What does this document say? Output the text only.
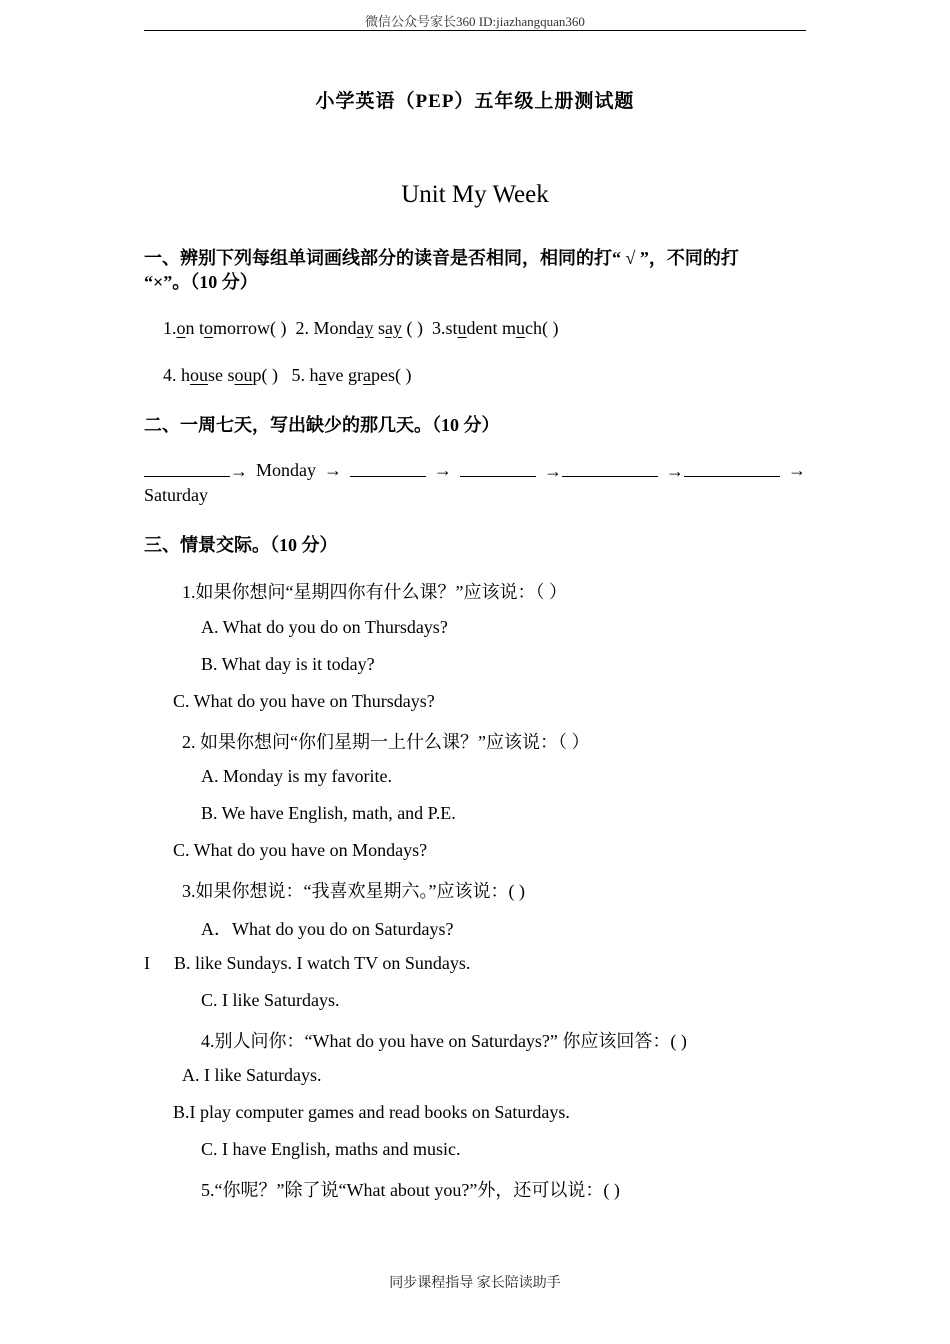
微信公众号家长360 ID:jiazhangquan360
小学英语（PEP）五年级上册测试题
Unit My Week
一、辨别下列每组单词画线部分的读音是否相同，相同的打“ √ ”，不同的打
“×”。（10 分）
1.on tomorrow( ) 2. Monday say ( ) 3.student much( )
4. house soup( ) 5. have grapes( )
二、一周七天，写出缺少的那几天。（10 分）
→ Monday →	→	→	→	→
Saturday
三、情景交际。（10 分）
1.如果你想问“星期四你有什么课？”应该说：（ ）
A. What do you do on Thursdays?
B. What day is it today?
C. What do you have on Thursdays?
2. 如果你想问“你们星期一上什么课？”应该说：（ ）
A. Monday is my favorite.
B. We have English, math, and P.E.
C. What do you have on Mondays?
3.如果你想说：“我喜欢星期六。”应该说：( )
A．What do you do on Saturdays?
I B. like Sundays. I watch TV on Sundays.
C. I like Saturdays.
4.别人问你：“What do you have on Saturdays?” 你应该回答：( )
A. I like Saturdays.
B.I play computer games and read books on Saturdays.
C. I have English, maths and music.
5.“你呢？”除了说“What about you?”外，还可以说：( )
同步课程指导 家长陪读助手
